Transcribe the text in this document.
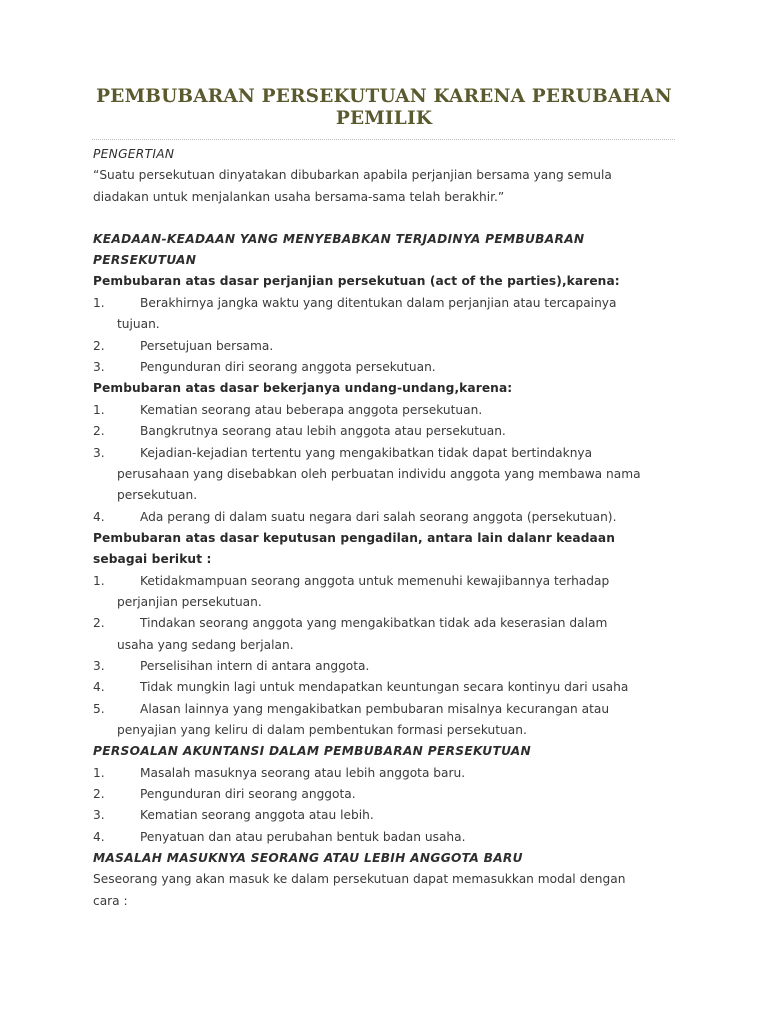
PEMBUBARAN PERSEKUTUAN KARENA PERUBAHAN
PEMILIK
PENGERTIAN
“Suatu persekutuan dinyatakan dibubarkan apabila perjanjian bersama yang semula
diadakan untuk menjalankan usaha bersama-sama telah berakhir.”
KEADAAN-KEADAAN YANG MENYEBABKAN TERJADINYA PEMBUBARAN
PERSEKUTUAN
Pembubaran atas dasar perjanjian persekutuan (act of the parties),karena:
1.	Berakhirnya jangka waktu yang ditentukan dalam perjanjian atau tercapainya
tujuan.
2.	Persetujuan bersama.
3.	Pengunduran diri seorang anggota persekutuan.
Pembubaran atas dasar bekerjanya undang-undang,karena:
1.	Kematian seorang atau beberapa anggota persekutuan.
2.	Bangkrutnya seorang atau lebih anggota atau persekutuan.
3.	Kejadian-kejadian tertentu yang mengakibatkan tidak dapat bertindaknya
perusahaan yang disebabkan oleh perbuatan individu anggota yang membawa nama
persekutuan.
4.	Ada perang di dalam suatu negara dari salah seorang anggota (persekutuan).
Pembubaran atas dasar keputusan pengadilan, antara lain dalanr keadaan
sebagai berikut :
1.	Ketidakmampuan seorang anggota untuk memenuhi kewajibannya terhadap
perjanjian persekutuan.
2.	Tindakan seorang anggota yang mengakibatkan tidak ada keserasian dalam
usaha yang sedang berjalan.
3.	Perselisihan intern di antara anggota.
4.	Tidak mungkin lagi untuk mendapatkan keuntungan secara kontinyu dari usaha
5.	Alasan lainnya yang mengakibatkan pembubaran misalnya kecurangan atau
penyajian yang keliru di dalam pembentukan formasi persekutuan.
PERSOALAN AKUNTANSI DALAM PEMBUBARAN PERSEKUTUAN
1.	Masalah masuknya seorang atau lebih anggota baru.
2.	Pengunduran diri seorang anggota.
3.	Kematian seorang anggota atau lebih.
4.	Penyatuan dan atau perubahan bentuk badan usaha.
MASALAH MASUKNYA SEORANG ATAU LEBIH ANGGOTA BARU
Seseorang yang akan masuk ke dalam persekutuan dapat memasukkan modal dengan
cara :
